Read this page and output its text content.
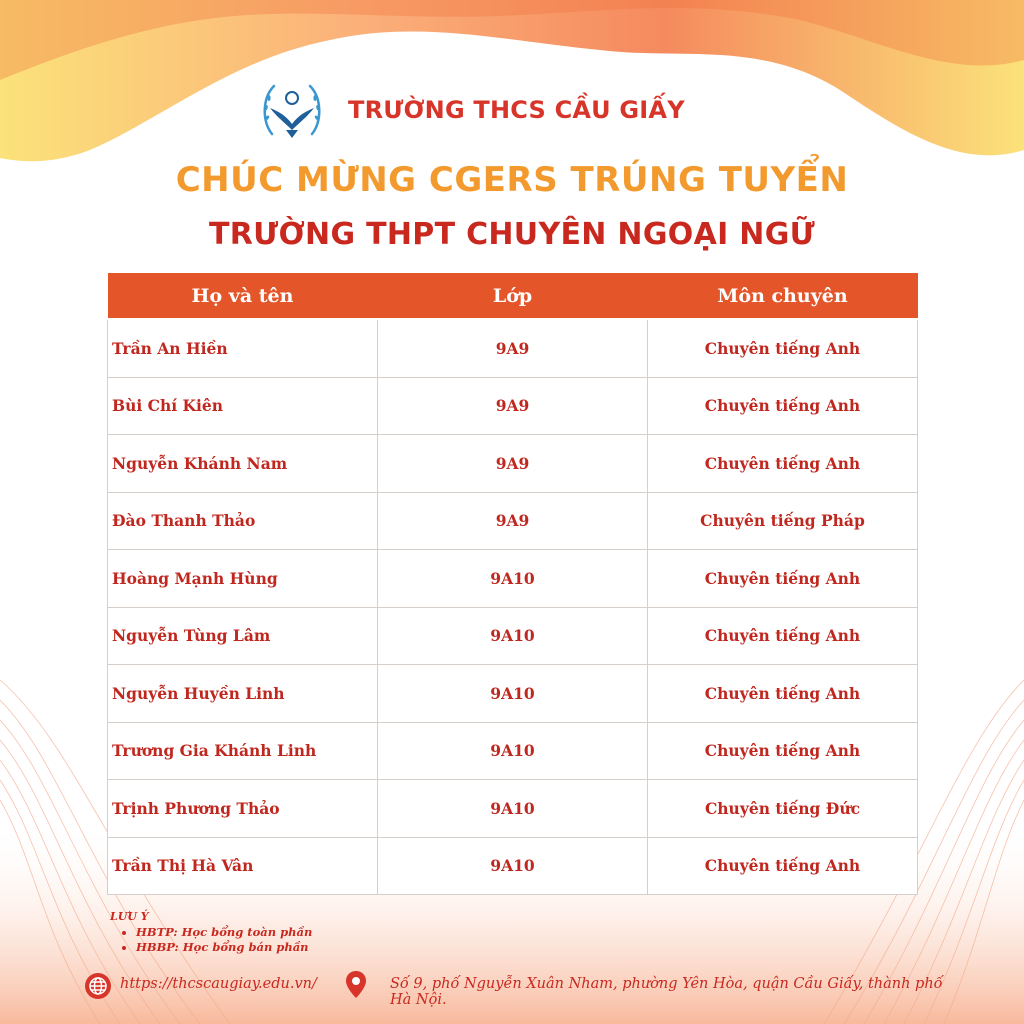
TRƯỜNG THCS CẦU GIẤY
CHÚC MỪNG CGERS TRÚNG TUYỂN
TRƯỜNG THPT CHUYÊN NGOẠI NGỮ
Họ và tên	Lớp	Môn chuyên
Trần An Hiền	9A9	Chuyên tiếng Anh
Bùi Chí Kiên	9A9	Chuyên tiếng Anh
Nguyễn Khánh Nam	9A9	Chuyên tiếng Anh
Đào Thanh Thảo	9A9	Chuyên tiếng Pháp
Hoàng Mạnh Hùng	9A10	Chuyên tiếng Anh
Nguyễn Tùng Lâm	9A10	Chuyên tiếng Anh
Nguyễn Huyền Linh	9A10	Chuyên tiếng Anh
Trương Gia Khánh Linh	9A10	Chuyên tiếng Anh
Trịnh Phương Thảo	9A10	Chuyên tiếng Đức
Trần Thị Hà Vân	9A10	Chuyên tiếng Anh
LƯU Ý
• HBTP: Học bổng toàn phần
• HBBP: Học bổng bán phần
https://thcscaugiay.edu.vn/	Số 9, phố Nguyễn Xuân Nham, phường Yên Hòa, quận Cầu Giấy, thành phố Hà Nội.
